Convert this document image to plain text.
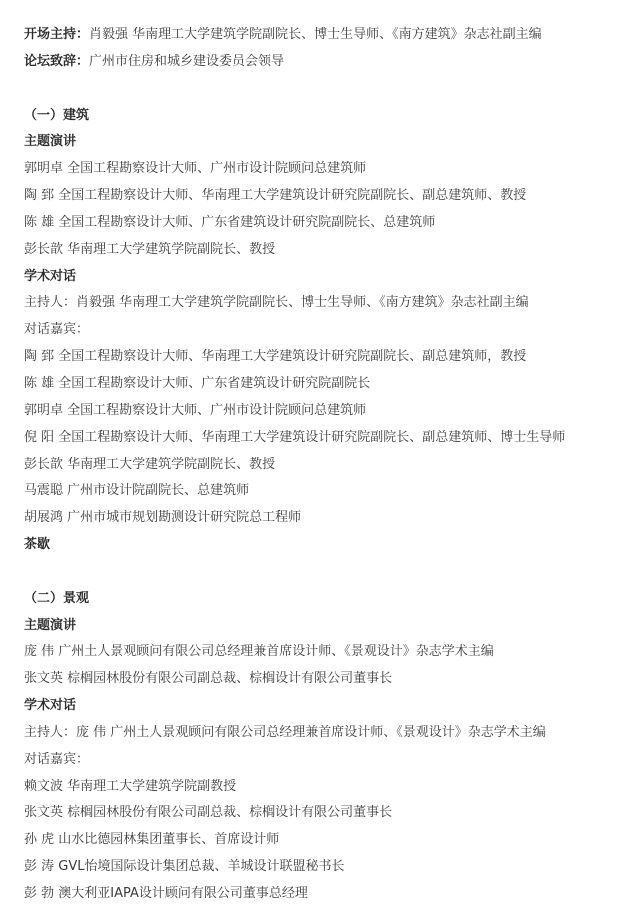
开场主持：肖毅强 华南理工大学建筑学院副院长、博士生导师、《南方建筑》杂志社副主编
论坛致辞：广州市住房和城乡建设委员会领导
（一）建筑
主题演讲
郭明卓 全国工程勘察设计大师、广州市设计院顾问总建筑师
陶 郅 全国工程勘察设计大师、华南理工大学建筑设计研究院副院长、副总建筑师、教授
陈 雄 全国工程勘察设计大师、广东省建筑设计研究院副院长、总建筑师
彭长歆 华南理工大学建筑学院副院长、教授
学术对话
主持人：肖毅强 华南理工大学建筑学院副院长、博士生导师、《南方建筑》杂志社副主编
对话嘉宾：
陶 郅 全国工程勘察设计大师、华南理工大学建筑设计研究院副院长、副总建筑师，教授
陈 雄 全国工程勘察设计大师、广东省建筑设计研究院副院长
郭明卓 全国工程勘察设计大师、广州市设计院顾问总建筑师
倪 阳 全国工程勘察设计大师、华南理工大学建筑设计研究院副院长、副总建筑师、博士生导师
彭长歆 华南理工大学建筑学院副院长、教授
马震聪 广州市设计院副院长、总建筑师
胡展鸿 广州市城市规划勘测设计研究院总工程师
茶歇
（二）景观
主题演讲
庞 伟 广州土人景观顾问有限公司总经理兼首席设计师、《景观设计》杂志学术主编
张文英 棕榈园林股份有限公司副总裁、棕榈设计有限公司董事长
学术对话
主持人：庞 伟 广州土人景观顾问有限公司总经理兼首席设计师、《景观设计》杂志学术主编
对话嘉宾：
赖文波 华南理工大学建筑学院副教授
张文英 棕榈园林股份有限公司副总裁、棕榈设计有限公司董事长
孙 虎 山水比德园林集团董事长、首席设计师
彭 涛 GVL怡境国际设计集团总裁、羊城设计联盟秘书长
彭 勃 澳大利亚IAPA设计顾问有限公司董事总经理
